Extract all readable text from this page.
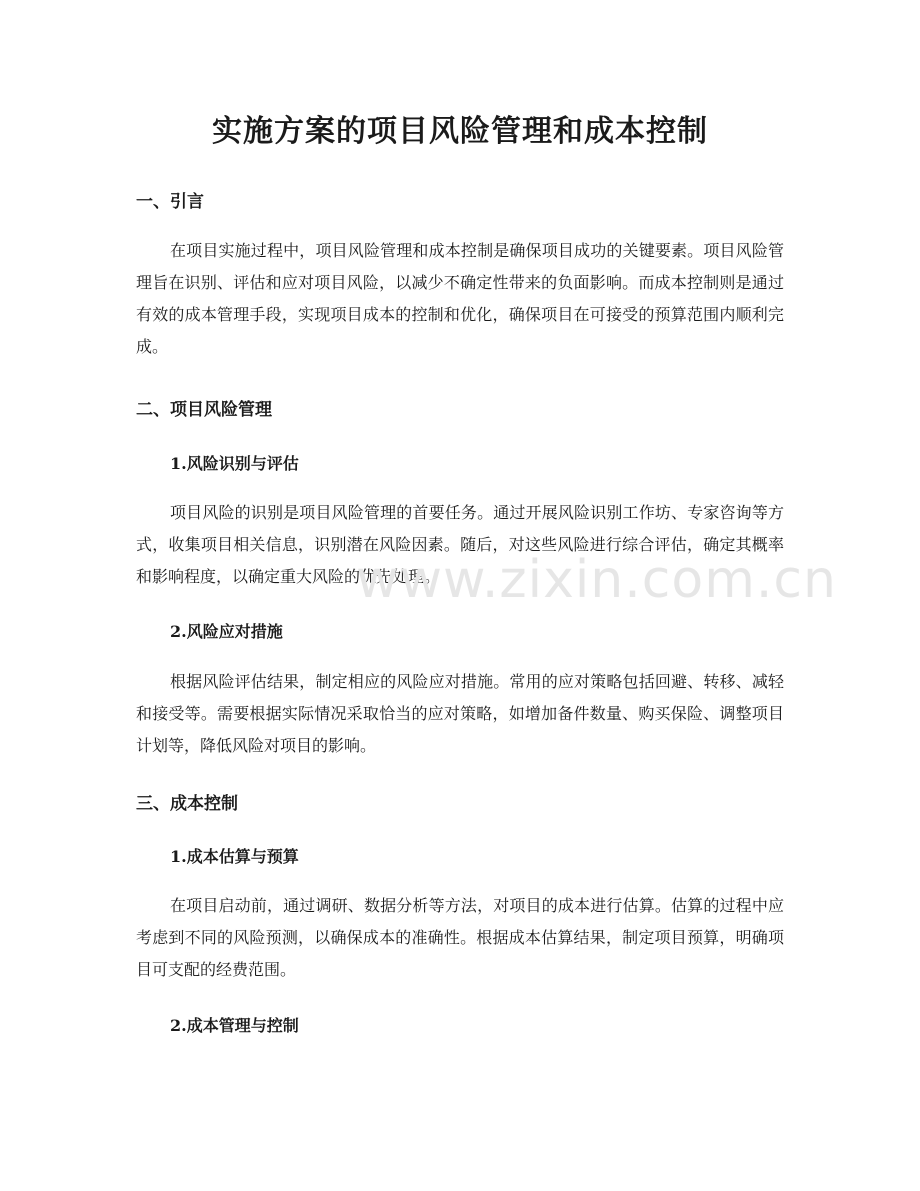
实施方案的项目风险管理和成本控制
一、引言

在项目实施过程中，项目风险管理和成本控制是确保项目成功的关键要素。项目风险管理旨在识别、评估和应对项目风险，以减少不确定性带来的负面影响。而成本控制则是通过有效的成本管理手段，实现项目成本的控制和优化，确保项目在可接受的预算范围内顺利完成。

二、项目风险管理
1.风险识别与评估

项目风险的识别是项目风险管理的首要任务。通过开展风险识别工作坊、专家咨询等方式，收集项目相关信息，识别潜在风险因素。随后，对这些风险进行综合评估，确定其概率和影响程度，以确定重大风险的优先处理。

www.zixin.com.cn
2.风险应对措施

根据风险评估结果，制定相应的风险应对措施。常用的应对策略包括回避、转移、减轻和接受等。需要根据实际情况采取恰当的应对策略，如增加备件数量、购买保险、调整项目计划等，降低风险对项目的影响。

三、成本控制
1.成本估算与预算

在项目启动前，通过调研、数据分析等方法，对项目的成本进行估算。估算的过程中应考虑到不同的风险预测，以确保成本的准确性。根据成本估算结果，制定项目预算，明确项目可支配的经费范围。

2.成本管理与控制
